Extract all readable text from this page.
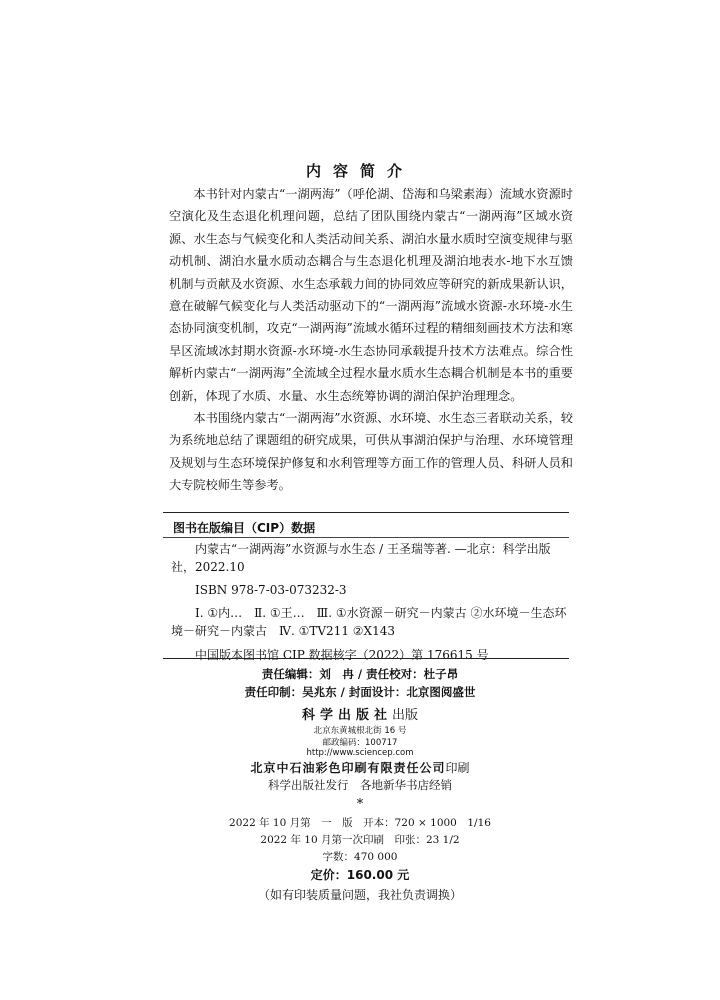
内容简介

本书针对内蒙古“一湖两海”（呼伦湖、岱海和乌梁素海）流域水资源时空演化及生态退化机理问题，总结了团队围绕内蒙古“一湖两海”区域水资源、水生态与气候变化和人类活动间关系、湖泊水量水质时空演变规律与驱动机制、湖泊水量水质动态耦合与生态退化机理及湖泊地表水-地下水互馈机制与贡献及水资源、水生态承载力间的协同效应等研究的新成果新认识，意在破解气候变化与人类活动驱动下的“一湖两海”流域水资源-水环境-水生态协同演变机制，攻克“一湖两海”流域水循环过程的精细刻画技术方法和寒旱区流域冰封期水资源-水环境-水生态协同承载提升技术方法难点。综合性解析内蒙古“一湖两海”全流域全过程水量水质水生态耦合机制是本书的重要创新，体现了水质、水量、水生态统筹协调的湖泊保护治理理念。

本书围绕内蒙古“一湖两海”水资源、水环境、水生态三者联动关系，较为系统地总结了课题组的研究成果，可供从事湖泊保护与治理、水环境管理及规划与生态环境保护修复和水利管理等方面工作的管理人员、科研人员和大专院校师生等参考。

图书在版编目（CIP）数据

内蒙古“一湖两海”水资源与水生态 / 王圣瑞等著. —北京：科学出版社，2022.10

ISBN 978-7-03-073232-3

Ⅰ. ①内…　Ⅱ. ①王…　Ⅲ. ①水资源－研究－内蒙古 ②水环境－生态环境－研究－内蒙古　Ⅳ. ①TV211 ②X143

中国版本图书馆 CIP 数据核字（2022）第 176615 号

责任编辑：刘　冉 / 责任校对：杜子昂
责任印制：吴兆东 / 封面设计：北京图阅盛世
科学出版社出版
北京东黄城根北街 16 号
邮政编码：100717
http://www.sciencep.com
北京中石油彩色印刷有限责任公司印刷
科学出版社发行　各地新华书店经销
*
2022 年 10 月第　一　版　开本：720 × 1000　1/16
2022 年 10 月第一次印刷　印张：23 1/2
字数：470 000
定价：160.00 元
（如有印装质量问题，我社负责调换）
